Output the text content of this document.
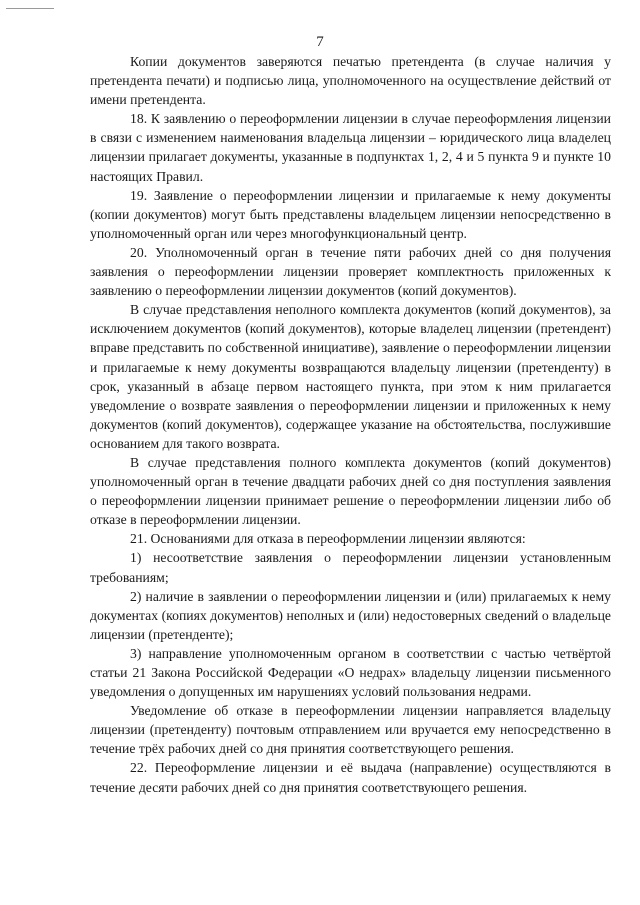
7

Копии документов заверяются печатью претендента (в случае наличия у претендента печати) и подписью лица, уполномоченного на осуществление действий от имени претендента.

18. К заявлению о переоформлении лицензии в случае переоформления лицензии в связи с изменением наименования владельца лицензии – юридического лица владелец лицензии прилагает документы, указанные в подпунктах 1, 2, 4 и 5 пункта 9 и пункте 10 настоящих Правил.

19. Заявление о переоформлении лицензии и прилагаемые к нему документы (копии документов) могут быть представлены владельцем лицензии непосредственно в уполномоченный орган или через многофункциональный центр.

20. Уполномоченный орган в течение пяти рабочих дней со дня получения заявления о переоформлении лицензии проверяет комплектность приложенных к заявлению о переоформлении лицензии документов (копий документов).

В случае представления неполного комплекта документов (копий документов), за исключением документов (копий документов), которые владелец лицензии (претендент) вправе представить по собственной инициативе), заявление о переоформлении лицензии и прилагаемые к нему документы возвращаются владельцу лицензии (претенденту) в срок, указанный в абзаце первом настоящего пункта, при этом к ним прилагается уведомление о возврате заявления о переоформлении лицензии и приложенных к нему документов (копий документов), содержащее указание на обстоятельства, послужившие основанием для такого возврата.

В случае представления полного комплекта документов (копий документов) уполномоченный орган в течение двадцати рабочих дней со дня поступления заявления о переоформлении лицензии принимает решение о переоформлении лицензии либо об отказе в переоформлении лицензии.

21. Основаниями для отказа в переоформлении лицензии являются:

1) несоответствие заявления о переоформлении лицензии установленным требованиям;

2) наличие в заявлении о переоформлении лицензии и (или) прилагаемых к нему документах (копиях документов) неполных и (или) недостоверных сведений о владельце лицензии (претенденте);

3) направление уполномоченным органом в соответствии с частью четвёртой статьи 21 Закона Российской Федерации «О недрах» владельцу лицензии письменного уведомления о допущенных им нарушениях условий пользования недрами.

Уведомление об отказе в переоформлении лицензии направляется владельцу лицензии (претенденту) почтовым отправлением или вручается ему непосредственно в течение трёх рабочих дней со дня принятия соответствующего решения.

22. Переоформление лицензии и её выдача (направление) осуществляются в течение десяти рабочих дней со дня принятия соответствующего решения.
